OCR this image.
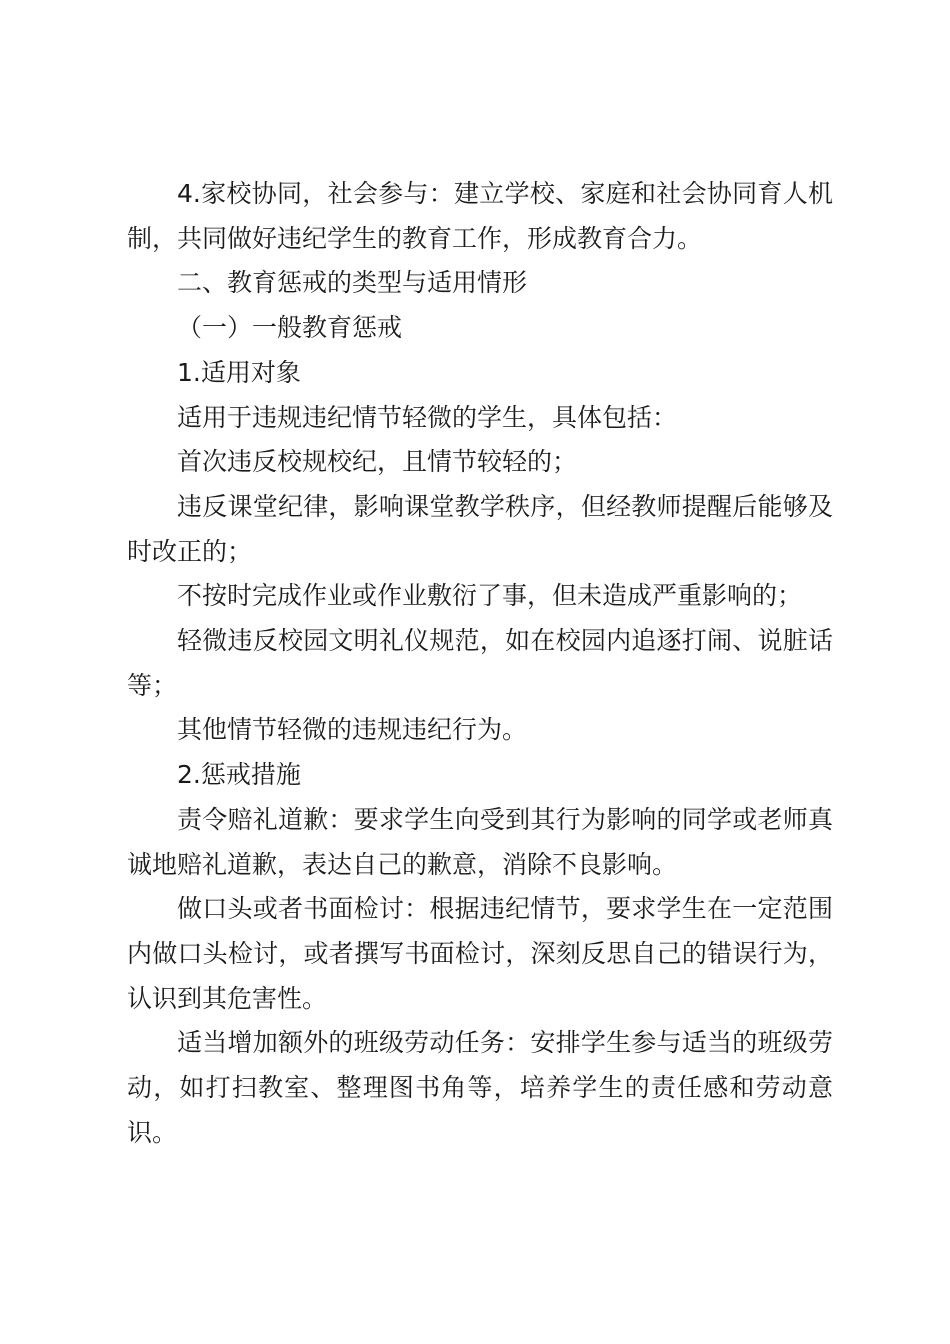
4.家校协同，社会参与：建立学校、家庭和社会协同育人机制，共同做好违纪学生的教育工作，形成教育合力。

二、教育惩戒的类型与适用情形

（一）一般教育惩戒

1.适用对象

适用于违规违纪情节轻微的学生，具体包括：

首次违反校规校纪，且情节较轻的；

违反课堂纪律，影响课堂教学秩序，但经教师提醒后能够及时改正的；

不按时完成作业或作业敷衍了事，但未造成严重影响的；

轻微违反校园文明礼仪规范，如在校园内追逐打闹、说脏话等；

其他情节轻微的违规违纪行为。

2.惩戒措施

责令赔礼道歉：要求学生向受到其行为影响的同学或老师真诚地赔礼道歉，表达自己的歉意，消除不良影响。

做口头或者书面检讨：根据违纪情节，要求学生在一定范围内做口头检讨，或者撰写书面检讨，深刻反思自己的错误行为，认识到其危害性。

适当增加额外的班级劳动任务：安排学生参与适当的班级劳动，如打扫教室、整理图书角等，培养学生的责任感和劳动意识。
